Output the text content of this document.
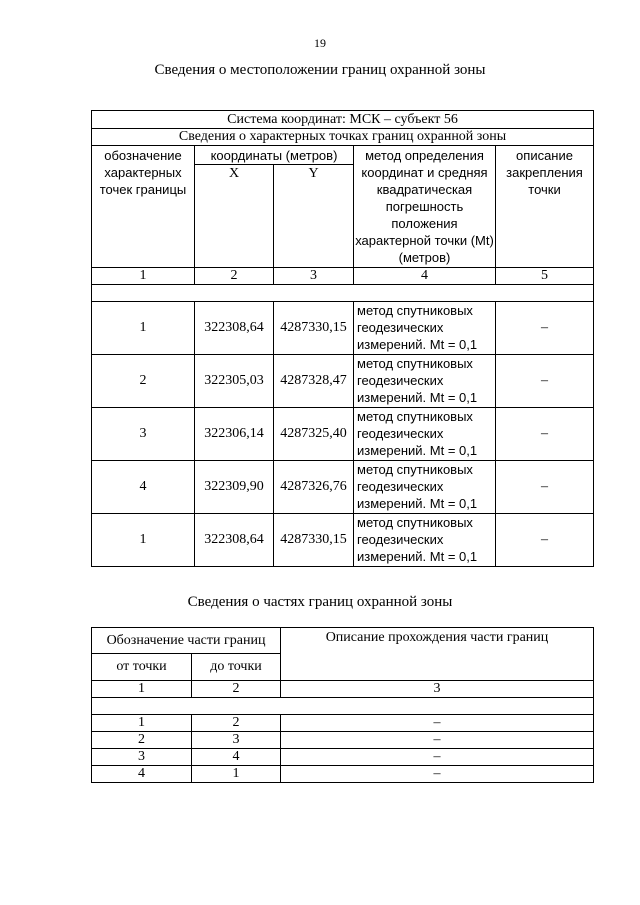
19
Сведения о местоположении границ охранной зоны
Система координат: МСК – субъект 56				
Сведения о характерных точках границ охранной зоны				
обозначение характерных точек границы	координаты (метров)		метод определения координат и средняя квадратическая погрешность положения характерной точки (Mt) (метров)	описание закрепления точки
	X	Y		
1	2	3	4	5

1	322308,64	4287330,15	метод спутниковых геодезических измерений. Mt = 0,1	–
2	322305,03	4287328,47	метод спутниковых геодезических измерений. Mt = 0,1	–
3	322306,14	4287325,40	метод спутниковых геодезических измерений. Mt = 0,1	–
4	322309,90	4287326,76	метод спутниковых геодезических измерений. Mt = 0,1	–
1	322308,64	4287330,15	метод спутниковых геодезических измерений. Mt = 0,1	–
Сведения о частях границ охранной зоны
Обозначение части границ		Описание прохождения части границ
от точки	до точки	
1	2	3

1	2	–
2	3	–
3	4	–
4	1	–
